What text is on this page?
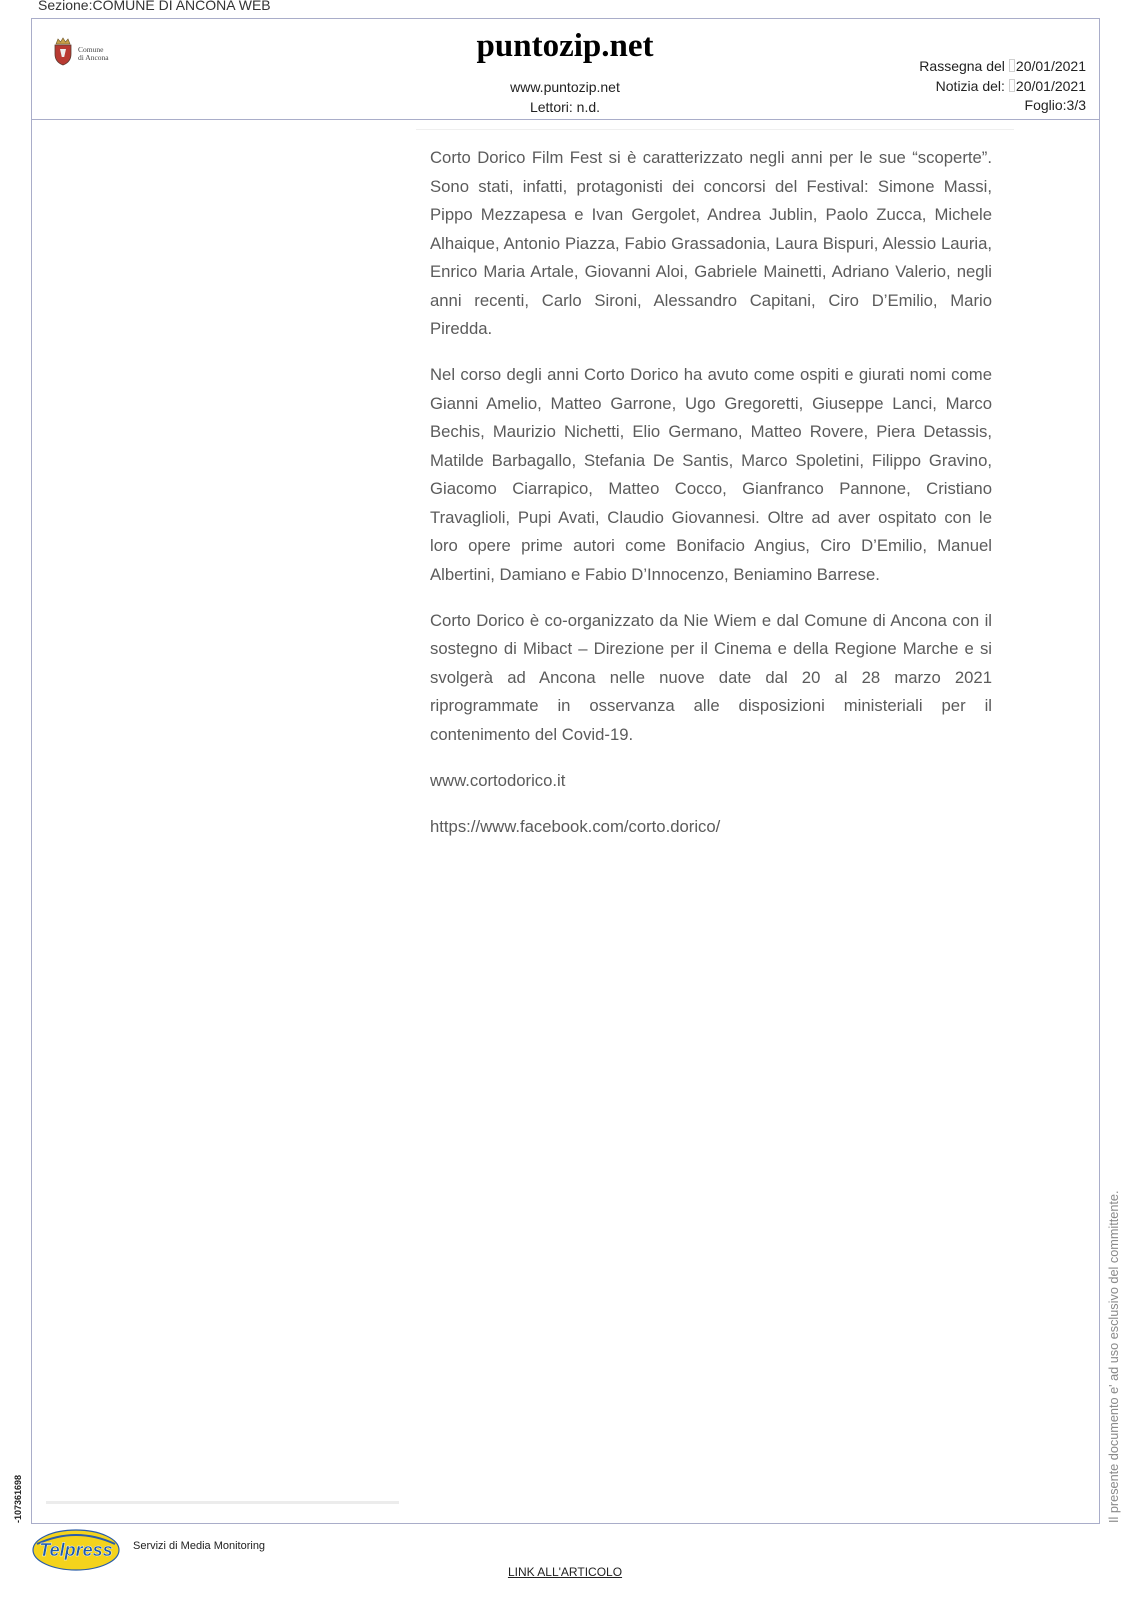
Sezione:COMUNE DI ANCONA WEB
Comune
di Ancona	puntozip.net
www.puntozip.net
Lettori: n.d.
Rassegna del 20/01/2021
Notizia del: 20/01/2021
Foglio:3/3
Corto Dorico Film Fest si è caratterizzato negli anni per le sue “scoperte”.
Sono stati, infatti, protagonisti dei concorsi del Festival: Simone Massi,
Pippo Mezzapesa e Ivan Gergolet, Andrea Jublin, Paolo Zucca, Michele
Alhaique, Antonio Piazza, Fabio Grassadonia, Laura Bispuri, Alessio Lauria,
Enrico Maria Artale, Giovanni Aloi, Gabriele Mainetti, Adriano Valerio, negli
anni recenti, Carlo Sironi, Alessandro Capitani, Ciro D’Emilio, Mario
Piredda.
Nel corso degli anni Corto Dorico ha avuto come ospiti e giurati nomi come
Gianni Amelio, Matteo Garrone, Ugo Gregoretti, Giuseppe Lanci, Marco
Bechis, Maurizio Nichetti, Elio Germano, Matteo Rovere, Piera Detassis,
Matilde Barbagallo, Stefania De Santis, Marco Spoletini, Filippo Gravino,
Giacomo Ciarrapico, Matteo Cocco, Gianfranco Pannone, Cristiano
Travaglioli, Pupi Avati, Claudio Giovannesi. Oltre ad aver ospitato con le
loro opere prime autori come Bonifacio Angius, Ciro D’Emilio, Manuel
Albertini, Damiano e Fabio D’Innocenzo, Beniamino Barrese.
Corto Dorico è co-organizzato da Nie Wiem e dal Comune di Ancona con il
sostegno di Mibact – Direzione per il Cinema e della Regione Marche e si
svolgerà ad Ancona nelle nuove date dal 20 al 28 marzo 2021
riprogrammate in osservanza alle disposizioni ministeriali per il
contenimento del Covid-19.
www.cortodorico.it
https://www.facebook.com/corto.dorico/
Il presente documento e' ad uso esclusivo del committente.
-107361698
Telpress Servizi di Media Monitoring
LINK ALL'ARTICOLO
